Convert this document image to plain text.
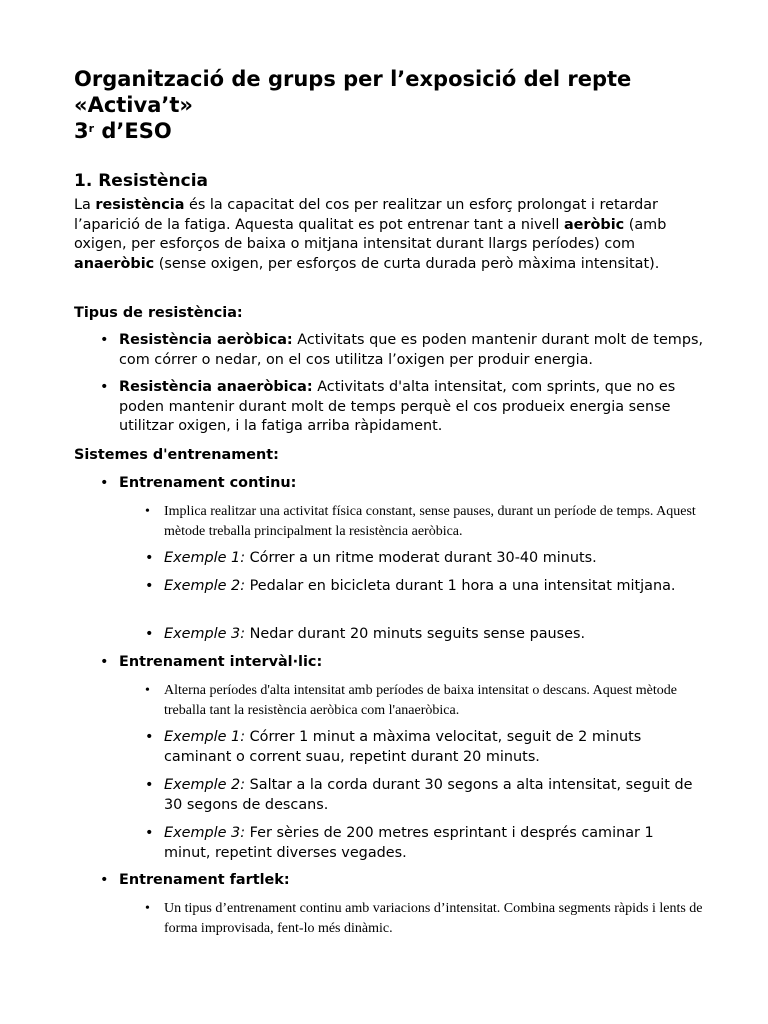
Organització de grups per l’exposició del repte
«Activa’t»
3$^r$ d’ESO
1. Resistència

La resistència és la capacitat del cos per realitzar un esforç prolongat i retardar l’aparició de la fatiga. Aquesta qualitat es pot entrenar tant a nivell aeròbic (amb oxigen, per esforços de baixa o mitjana intensitat durant llargs períodes) com anaeròbic (sense oxigen, per esforços de curta durada però màxima intensitat).

Tipus de resistència:
• Resistència aeròbica: Activitats que es poden mantenir durant molt de temps, com córrer o nedar, on el cos utilitza l’oxigen per produir energia.
• Resistència anaeròbica: Activitats d'alta intensitat, com sprints, que no es poden mantenir durant molt de temps perquè el cos produeix energia sense utilitzar oxigen, i la fatiga arriba ràpidament.
Sistemes d'entrenament:
• Entrenament continu:
• Implica realitzar una activitat física constant, sense pauses, durant un període de temps. Aquest mètode treballa principalment la resistència aeròbica.
• Exemple 1: Córrer a un ritme moderat durant 30-40 minuts.
• Exemple 2: Pedalar en bicicleta durant 1 hora a una intensitat mitjana.
• Exemple 3: Nedar durant 20 minuts seguits sense pauses.
• Entrenament intervàl·lic:
• Alterna períodes d'alta intensitat amb períodes de baixa intensitat o descans. Aquest mètode treballa tant la resistència aeròbica com l'anaeròbica.
• Exemple 1: Córrer 1 minut a màxima velocitat, seguit de 2 minuts caminant o corrent suau, repetint durant 20 minuts.
• Exemple 2: Saltar a la corda durant 30 segons a alta intensitat, seguit de 30 segons de descans.
• Exemple 3: Fer sèries de 200 metres esprintant i després caminar 1 minut, repetint diverses vegades.
• Entrenament fartlek:
• Un tipus d’entrenament continu amb variacions d’intensitat. Combina segments ràpids i lents de forma improvisada, fent-lo més dinàmic.
